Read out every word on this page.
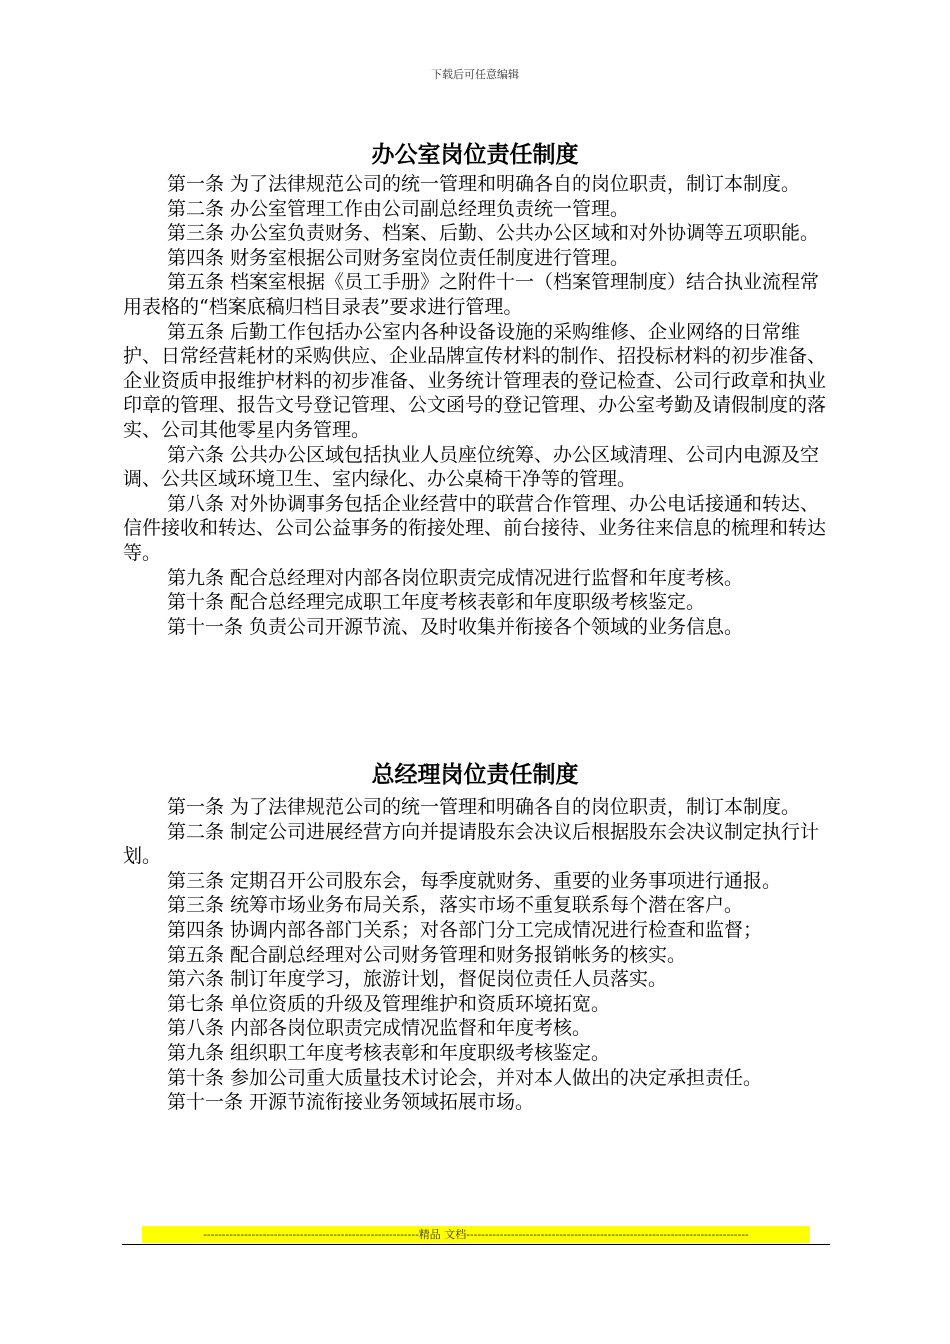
下载后可任意编辑
办公室岗位责任制度

第一条 为了法律规范公司的统一管理和明确各自的岗位职责，制订本制度。

第二条 办公室管理工作由公司副总经理负责统一管理。

第三条 办公室负责财务、档案、后勤、公共办公区域和对外协调等五项职能。

第四条 财务室根据公司财务室岗位责任制度进行管理。

第五条 档案室根据《员工手册》之附件十一（档案管理制度）结合执业流程常用表格的“档案底稿归档目录表”要求进行管理。

第五条 后勤工作包括办公室内各种设备设施的采购维修、企业网络的日常维护、日常经营耗材的采购供应、企业品牌宣传材料的制作、招投标材料的初步准备、企业资质申报维护材料的初步准备、业务统计管理表的登记检查、公司行政章和执业印章的管理、报告文号登记管理、公文函号的登记管理、办公室考勤及请假制度的落实、公司其他零星内务管理。

第六条 公共办公区域包括执业人员座位统筹、办公区域清理、公司内电源及空调、公共区域环境卫生、室内绿化、办公桌椅干净等的管理。

第八条 对外协调事务包括企业经营中的联营合作管理、办公电话接通和转达、信件接收和转达、公司公益事务的衔接处理、前台接待、业务往来信息的梳理和转达等。

第九条 配合总经理对内部各岗位职责完成情况进行监督和年度考核。

第十条 配合总经理完成职工年度考核表彰和年度职级考核鉴定。

第十一条 负责公司开源节流、及时收集并衔接各个领域的业务信息。

总经理岗位责任制度

第一条 为了法律规范公司的统一管理和明确各自的岗位职责，制订本制度。

第二条 制定公司进展经营方向并提请股东会决议后根据股东会决议制定执行计划。

第三条 定期召开公司股东会，每季度就财务、重要的业务事项进行通报。

第三条 统筹市场业务布局关系，落实市场不重复联系每个潜在客户。

第四条 协调内部各部门关系；对各部门分工完成情况进行检查和监督；

第五条 配合副总经理对公司财务管理和财务报销帐务的核实。

第六条 制订年度学习，旅游计划，督促岗位责任人员落实。

第七条 单位资质的升级及管理维护和资质环境拓宽。

第八条 内部各岗位职责完成情况监督和年度考核。

第九条 组织职工年度考核表彰和年度职级考核鉴定。

第十条 参加公司重大质量技术讨论会，并对本人做出的决定承担责任。

第十一条 开源节流衔接业务领域拓展市场。

----------------------------------------------------------精品 文档----------------------------------------------------------------------------
